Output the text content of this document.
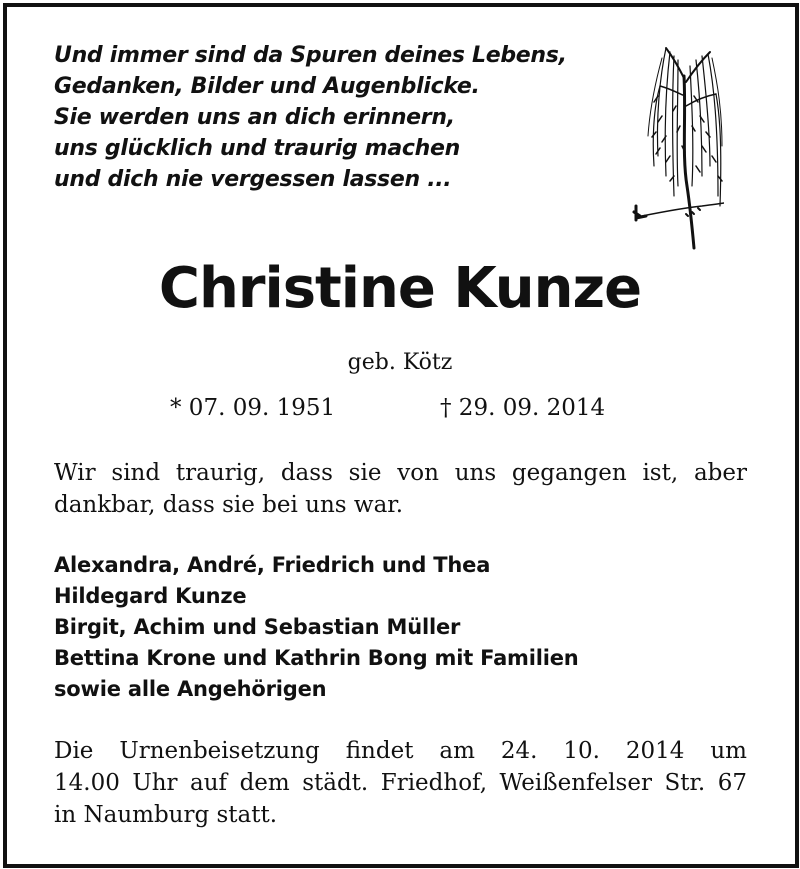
Und immer sind da Spuren deines Lebens,
Gedanken, Bilder und Augenblicke.
Sie werden uns an dich erinnern,
uns glücklich und traurig machen
und dich nie vergessen lassen ...
Christine Kunze
geb. Kötz
* 07. 09. 1951	† 29. 09. 2014
Wir sind traurig, dass sie von uns gegangen ist, aber dankbar, dass sie bei uns war.
Alexandra, André, Friedrich und Thea
Hildegard Kunze
Birgit, Achim und Sebastian Müller
Bettina Krone und Kathrin Bong mit Familien
sowie alle Angehörigen
Die Urnenbeisetzung findet am 24. 10. 2014 um
14.00 Uhr auf dem städt. Friedhof, Weißenfelser Str. 67
in Naumburg statt.
